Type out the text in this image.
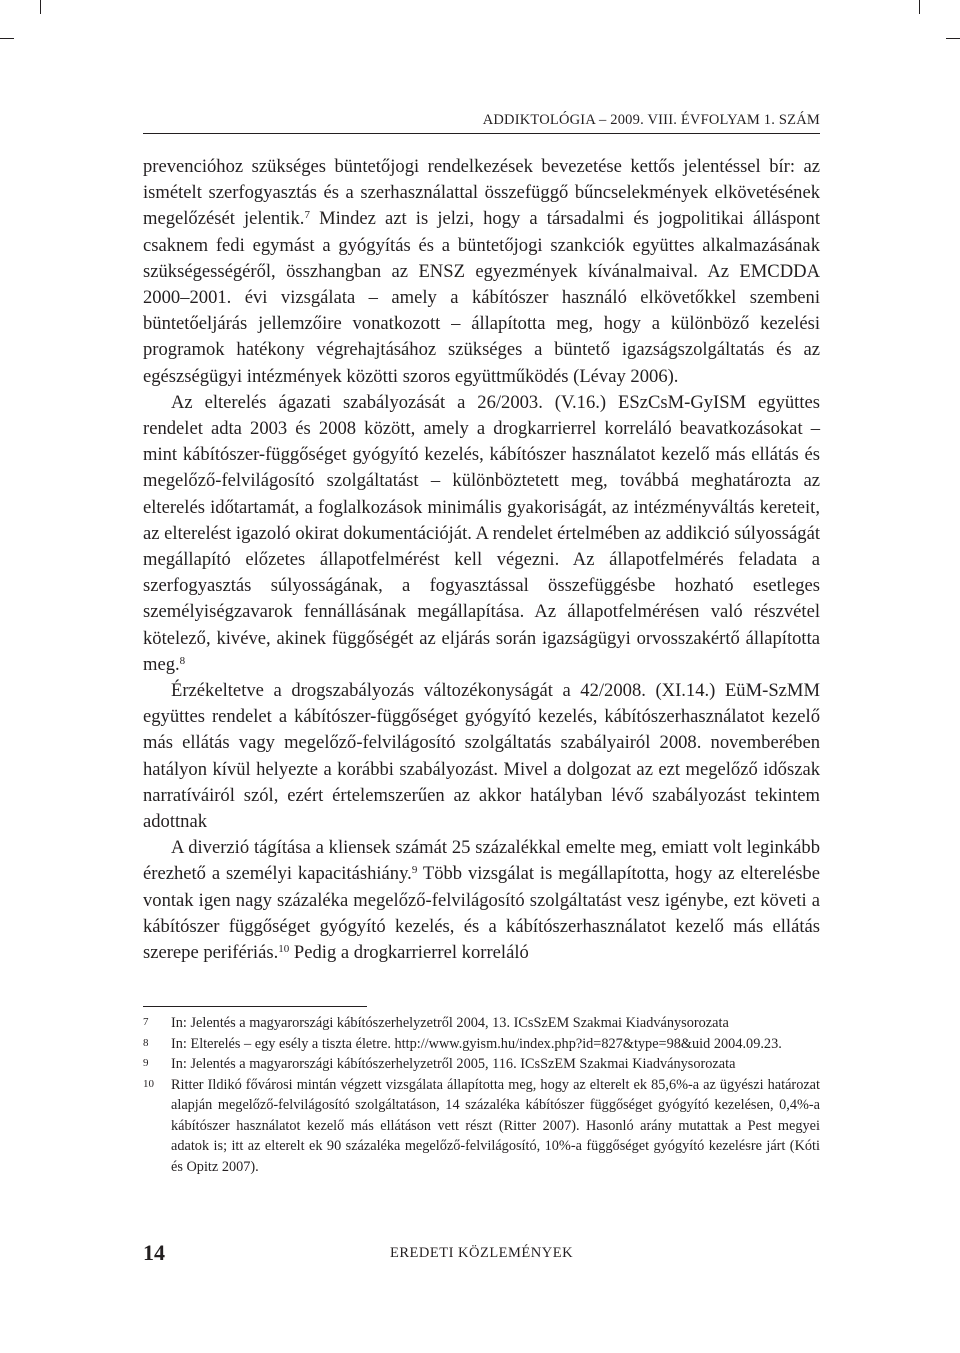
ADDIKTOLÓGIA – 2009. VIII. ÉVFOLYAM 1. SZÁM

prevencióhoz szükséges büntetőjogi rendelkezések bevezetése kettős jelentéssel bír: az ismételt szerfogyasztás és a szerhasználattal összefüggő bűncselekmények elkövetésének megelőzését jelentik.$^7$ Mindez azt is jelzi, hogy a társadalmi és jogpolitikai álláspont csaknem fedi egymást a gyógyítás és a büntetőjogi szankciók együttes alkalmazásának szükségességéről, összhangban az ENSZ egyezmények kívánalmaival. Az EMCDDA 2000–2001. évi vizsgálata – amely a kábítószer használó elkövetőkkel szembeni büntetőeljárás jellemzőire vonatkozott – állapította meg, hogy a különböző kezelési programok hatékony végrehajtásához szükséges a büntető igazságszolgáltatás és az egészségügyi intézmények közötti szoros együttműködés (Lévay 2006).

Az elterelés ágazati szabályozását a 26/2003. (V.16.) ESzCsM-GyISM együttes rendelet adta 2003 és 2008 között, amely a drogkarrierrel korreláló beavatkozásokat – mint kábítószer-függőséget gyógyító kezelés, kábítószer használatot kezelő más ellátás és megelőző-felvilágosító szolgáltatást – különböztetett meg, továbbá meghatározta az elterelés időtartamát, a foglalkozások minimális gyakoriságát, az intézményváltás kereteit, az elterelést igazoló okirat dokumentációját. A rendelet értelmében az addikció súlyosságát megállapító előzetes állapotfelmérést kell végezni. Az állapotfelmérés feladata a szerfogyasztás súlyosságának, a fogyasztással összefüggésbe hozható esetleges személyiségzavarok fennállásának megállapítása. Az állapotfelmérésen való részvétel kötelező, kivéve, akinek függőségét az eljárás során igazságügyi orvosszakértő állapította meg.$^8$

Érzékeltetve a drogszabályozás változékonyságát a 42/2008. (XI.14.) EüM-SzMM együttes rendelet a kábítószer-függőséget gyógyító kezelés, kábítószerhasználatot kezelő más ellátás vagy megelőző-felvilágosító szolgáltatás szabályairól 2008. novemberében hatályon kívül helyezte a korábbi szabályozást. Mivel a dolgozat az ezt megelőző időszak narratíváiról szól, ezért értelemszerűen az akkor hatályban lévő szabályozást tekintem adottnak

A diverzió tágítása a kliensek számát 25 százalékkal emelte meg, emiatt volt leginkább érezhető a személyi kapacitáshiány.$^9$ Több vizsgálat is megállapította, hogy az elterelésbe vontak igen nagy százaléka megelőző-felvilágosító szolgáltatást vesz igénybe, ezt követi a kábítószer függőséget gyógyító kezelés, és a kábítószerhasználatot kezelő más ellátás szerepe perifériás.$^{10}$ Pedig a drogkarrierrel korreláló

7	In: Jelentés a magyarországi kábítószerhelyzetről 2004, 13. ICsSzEM Szakmai Kiadványsorozata
8	In: Elterelés – egy esély a tiszta életre. http://www.gyism.hu/index.php?id=827&type=98&uid 2004.09.23.
9	In: Jelentés a magyarországi kábítószerhelyzetről 2005, 116. ICsSzEM Szakmai Kiadványsorozata
10	Ritter Ildikó fővárosi mintán végzett vizsgálata állapította meg, hogy az elterelt ek 85,6%-a az ügyészi határozat alapján megelőző-felvilágosító szolgáltatáson, 14 százaléka kábítószer függőséget gyógyító kezelésen, 0,4%-a kábítószer használatot kezelő más ellátáson vett részt (Ritter 2007). Hasonló arány mutattak a Pest megyei adatok is; itt az elterelt ek 90 százaléka megelőző-felvilágosító, 10%-a függőséget gyógyító kezelésre járt (Kóti és Opitz 2007).
14	EREDETI KÖZLEMÉNYEK
